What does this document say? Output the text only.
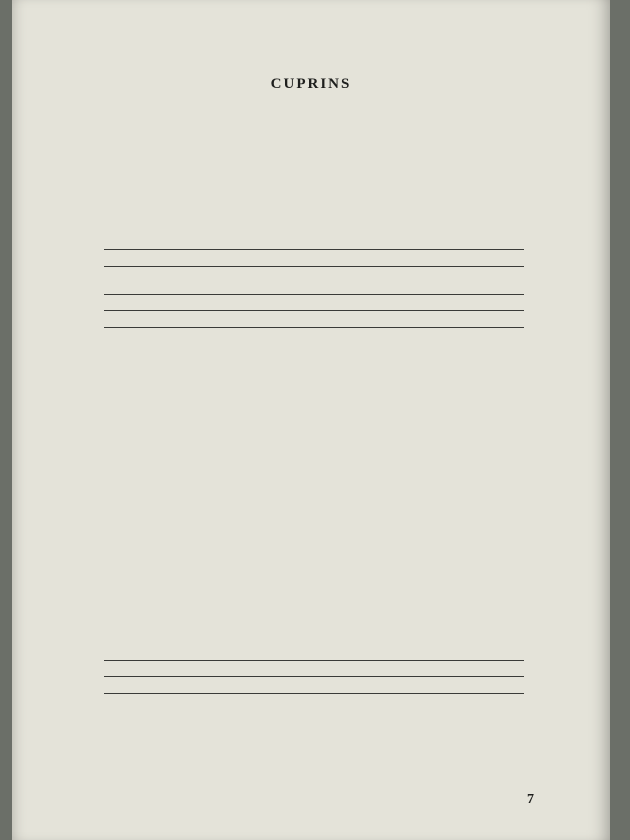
CUPRINS
7
